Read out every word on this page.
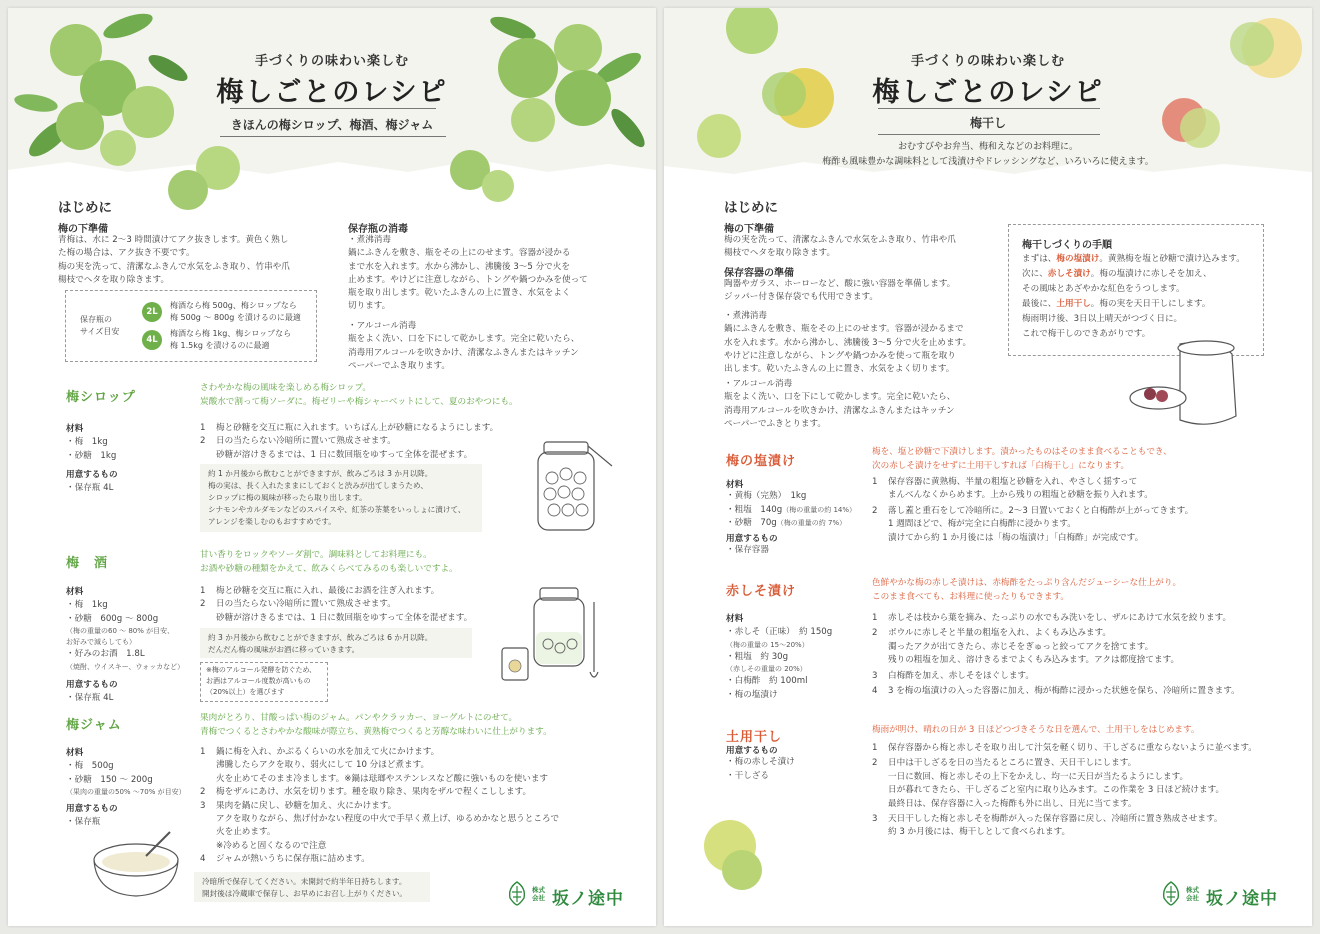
手づくりの味わい楽しむ
梅しごとのレシピ
きほんの梅シロップ、梅酒、梅ジャム
はじめに
梅の下準備
青梅は、水に 2〜3 時間漬けてアク抜きします。黄色く熟し
た梅の場合は、アク抜き不要です。
梅の実を洗って、清潔なふきんで水気をふき取り、竹串や爪
楊枝でヘタを取り除きます。
保存瓶の
サイズ目安
2L
梅酒なら梅 500g、梅シロップなら
梅 500g 〜 800g を漬けるのに最適
4L
梅酒なら梅 1kg、梅シロップなら
梅 1.5kg を漬けるのに最適
保存瓶の消毒
・煮沸消毒
鍋にふきんを敷き、瓶をその上にのせます。容器が浸かる
まで水を入れます。水から沸かし、沸騰後 3〜5 分で火を
止めます。やけどに注意しながら、トングや鍋つかみを使って
瓶を取り出します。乾いたふきんの上に置き、水気をよく
切ります。
・アルコール消毒
瓶をよく洗い、口を下にして乾かします。完全に乾いたら、
消毒用アルコールを吹きかけ、清潔なふきんまたはキッチン
ペーパーでふき取ります。
梅シロップ
さわやかな梅の風味を楽しめる梅シロップ。
炭酸水で割って梅ソーダに。梅ゼリーや梅シャーベットにして、夏のおやつにも。
材料
・梅　1kg
・砂糖　1kg
用意するもの
・保存瓶 4L
1	梅と砂糖を交互に瓶に入れます。いちばん上が砂糖になるようにします。
2	日の当たらない冷暗所に置いて熟成させます。
砂糖が溶けきるまでは、1 日に数回瓶をゆすって全体を混ぜます。
約 1 か月後から飲むことができますが、飲みごろは 3 か月以降。
梅の実は、長く入れたままにしておくと渋みが出てしまうため、
シロップに梅の風味が移ったら取り出します。
シナモンやカルダモンなどのスパイスや、紅茶の茶葉をいっしょに漬けて、
アレンジを楽しむのもおすすめです。
梅　酒
甘い香りをロックやソーダ割で。調味料としてお料理にも。
お酒や砂糖の種類をかえて、飲みくらべてみるのも楽しいですよ。
材料
・梅　1kg
・砂糖　600g 〜 800g
（梅の重量の60 〜 80% が目安、
お好みで減らしても）
・好みのお酒　1.8L
（焼酎、ウイスキー、ウォッカなど）
用意するもの
・保存瓶 4L
1	梅と砂糖を交互に瓶に入れ、最後にお酒を注ぎ入れます。
2	日の当たらない冷暗所に置いて熟成させます。
砂糖が溶けきるまでは、1 日に数回瓶をゆすって全体を混ぜます。
約 3 か月後から飲むことができますが、飲みごろは 6 か月以降。
だんだん梅の風味がお酒に移っていきます。
※梅のアルコール発酵を防ぐため、
お酒はアルコール度数が高いもの
（20%以上）を選びます
梅ジャム	果肉がとろり、甘酸っぱい梅のジャム。パンやクラッカー、ヨーグルトにのせて。
青梅でつくるとさわやかな酸味が際立ち、黄熟梅でつくると芳醇な味わいに仕上がります。
材料
・梅　500g
・砂糖　150 〜 200g
（果肉の重量の50% 〜70% が目安）
用意するもの
・保存瓶
1	鍋に梅を入れ、かぶるくらいの水を加えて火にかけます。
沸騰したらアクを取り、弱火にして 10 分ほど煮ます。
火を止めてそのまま冷まします。※鍋は琺瑯やステンレスなど酸に強いものを使います
2	梅をザルにあけ、水気を切ります。種を取り除き、果肉をザルで程くこしします。
3	果肉を鍋に戻し、砂糖を加え、火にかけます。
アクを取りながら、焦げ付かない程度の中火で手早く煮上げ、ゆるめかなと思うところで
火を止めます。
※冷めると固くなるので注意
4	ジャムが熱いうちに保存瓶に詰めます。
冷暗所で保存してください。未開封で約半年日持ちします。
開封後は冷蔵庫で保存し、お早めにお召し上がりください。	株式
会社 坂ノ途中
手づくりの味わい楽しむ
梅しごとのレシピ
梅干し
おむすびやお弁当、梅和えなどのお料理に。
梅酢も風味豊かな調味料として浅漬けやドレッシングなど、いろいろに使えます。
はじめに
梅の下準備
梅の実を洗って、清潔なふきんで水気をふき取り、竹串や爪
楊枝でヘタを取り除きます。
保存容器の準備
陶器やガラス、ホーローなど、酸に強い容器を準備します。
ジッパー付き保存袋でも代用できます。
・煮沸消毒
鍋にふきんを敷き、瓶をその上にのせます。容器が浸かるまで
水を入れます。水から沸かし、沸騰後 3〜5 分で火を止めます。
やけどに注意しながら、トングや鍋つかみを使って瓶を取り
出します。乾いたふきんの上に置き、水気をよく切ります。
・アルコール消毒
瓶をよく洗い、口を下にして乾かします。完全に乾いたら、
消毒用アルコールを吹きかけ、清潔なふきんまたはキッチン
ペーパーでふきとります。
梅干しづくりの手順
まずは、梅の塩漬け。黄熟梅を塩と砂糖で漬け込みます。
次に、赤しそ漬け。梅の塩漬けに赤しそを加え、
その風味とあざやかな紅色をうつします。
最後に、土用干し。梅の実を天日干しにします。
梅雨明け後、3日以上晴天がつづく日に。
これで梅干しのできあがりです。
梅の塩漬け
梅を、塩と砂糖で下漬けします。漬かったものはそのまま食べることもでき、
次の赤しそ漬けをせずに土用干しすれば「白梅干し」になります。
材料
・黄梅（完熟）　1kg
・粗塩　140g（梅の重量の約 14%）
・砂糖　70g（梅の重量の約 7%）
用意するもの
・保存容器
1	保存容器に黄熟梅、半量の粗塩と砂糖を入れ、やさしく揺すって
まんべんなくからめます。上から残りの粗塩と砂糖を振り入れます。
2	落し蓋と重石をして冷暗所に。2〜3 日置いておくと白梅酢が上がってきます。
1 週間ほどで、梅が完全に白梅酢に浸かります。
漬けてから約 1 か月後には「梅の塩漬け」「白梅酢」が完成です。
赤しそ漬け
色鮮やかな梅の赤しそ漬けは、赤梅酢をたっぷり含んだジューシーな仕上がり。
このまま食べても、お料理に使ったりもできます。
材料
・赤しそ（正味）　約 150g
（梅の重量の 15〜20%）
・粗塩　約 30g
（赤しその重量の 20%）
・白梅酢　約 100ml
・梅の塩漬け
1	赤しそは枝から葉を摘み、たっぷりの水でもみ洗いをし、ザルにあけて水気を絞ります。
2	ボウルに赤しそと半量の粗塩を入れ、よくもみ込みます。
濁ったアクが出てきたら、赤じそをぎゅっと絞ってアクを捨てます。
残りの粗塩を加え、溶けきるまでよくもみ込みます。アクは都度捨てます。
3	白梅酢を加え、赤しそをほぐします。
4	3 を梅の塩漬けの入った容器に加え、梅が梅酢に浸かった状態を保ち、冷暗所に置きます。
土用干し	梅雨が明け、晴れの日が 3 日ほどつづきそうな日を選んで、土用干しをはじめます。
用意するもの
・梅の赤しそ漬け
・干しざる
1	保存容器から梅と赤しそを取り出して汁気を軽く切り、干しざるに重ならないように並べます。
2	日中は干しざるを日の当たるところに置き、天日干しにします。
一日に数回、梅と赤しその上下をかえし、均一に天日が当たるようにします。
日が暮れてきたら、干しざるごと室内に取り込みます。この作業を 3 日ほど続けます。
最終日は、保存容器に入った梅酢も外に出し、日光に当てます。
3	天日干しした梅と赤しそを梅酢が入った保存容器に戻し、冷暗所に置き熟成させます。
約 3 か月後には、梅干しとして食べられます。
株式
会社 坂ノ途中
